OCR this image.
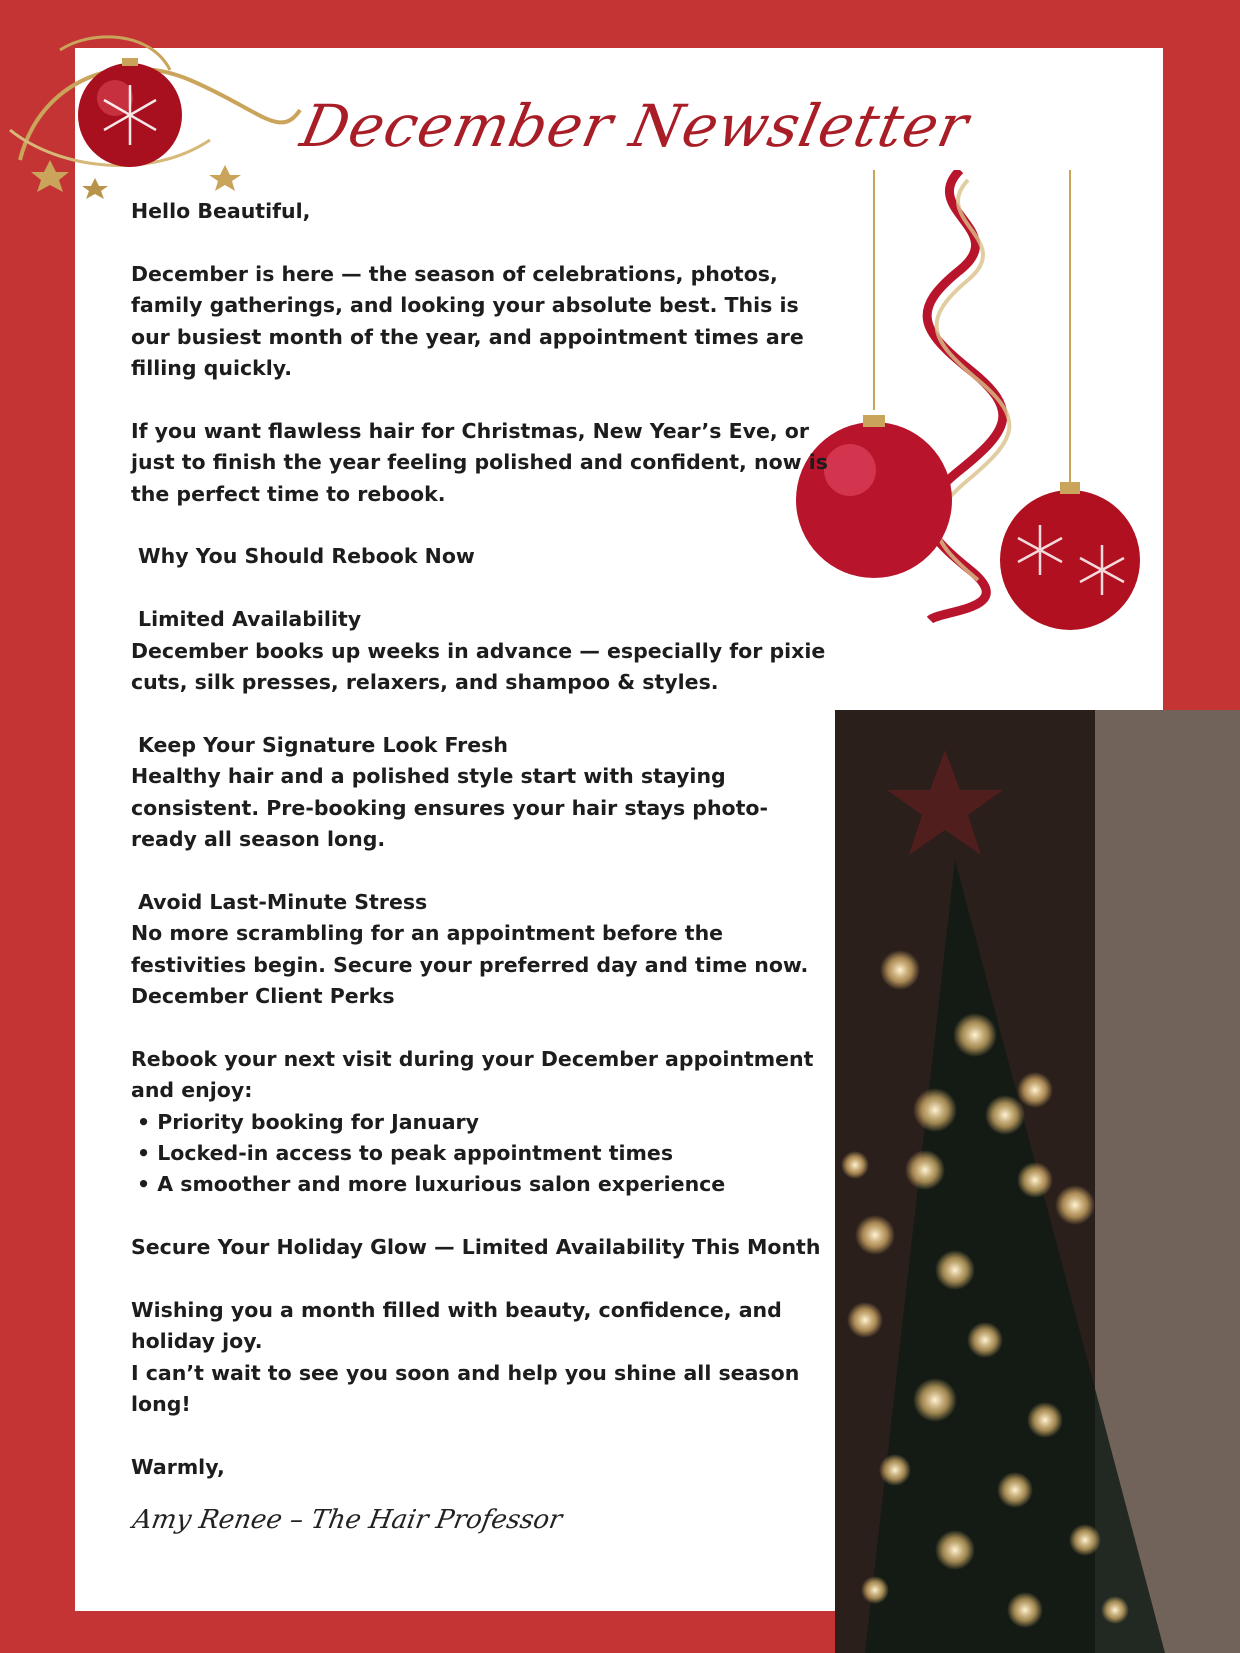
December Newsletter

Hello Beautiful,

December is here — the season of celebrations, photos, family gatherings, and looking your absolute best. This is our busiest month of the year, and appointment times are filling quickly.

If you want flawless hair for Christmas, New Year’s Eve, or just to finish the year feeling polished and confident, now is the perfect time to rebook.

Why You Should Rebook Now

Limited Availability

December books up weeks in advance — especially for pixie cuts, silk presses, relaxers, and shampoo & styles.

Keep Your Signature Look Fresh

Healthy hair and a polished style start with staying consistent. Pre-booking ensures your hair stays photo-ready all season long.

Avoid Last-Minute Stress

No more scrambling for an appointment before the festivities begin. Secure your preferred day and time now.

December Client Perks

Rebook your next visit during your December appointment and enjoy:

• Priority booking for January

• Locked-in access to peak appointment times

• A smoother and more luxurious salon experience

Secure Your Holiday Glow — Limited Availability This Month

Wishing you a month filled with beauty, confidence, and holiday joy.

I can’t wait to see you soon and help you shine all season long!

Warmly,

Amy Renee – The Hair Professor
